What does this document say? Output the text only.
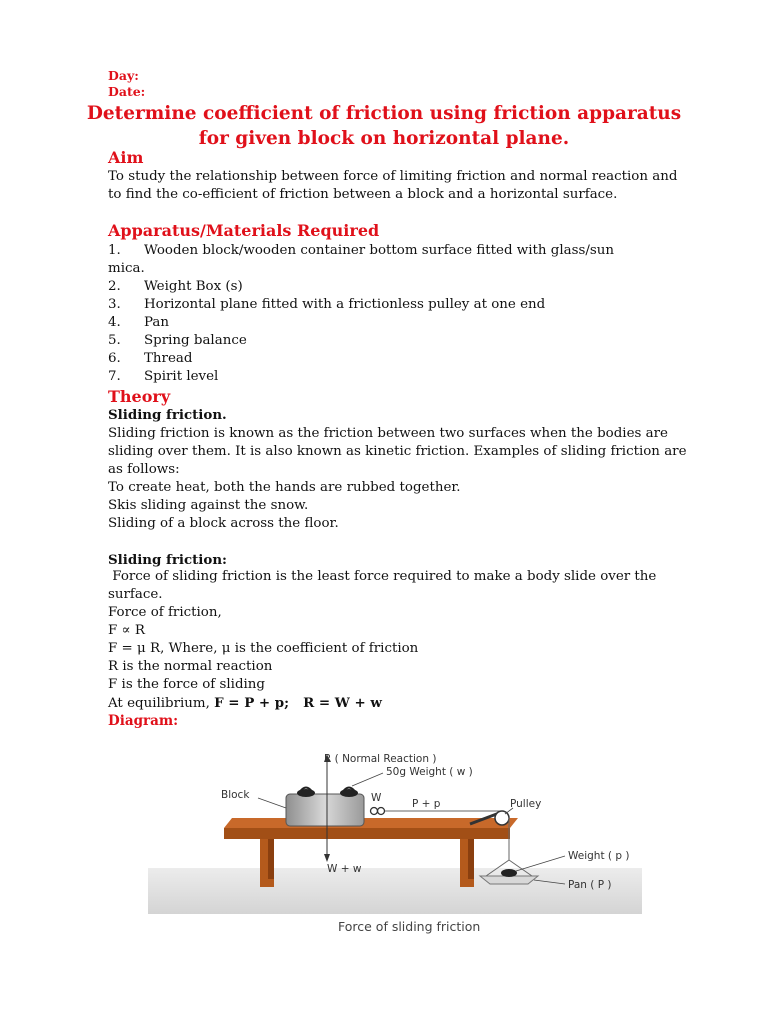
Day:
Date:
Determine coefficient of friction using friction apparatus
for given block on horizontal plane.
Aim
To study the relationship between force of limiting friction and normal reaction and to find the co-efficient of friction between a block and a horizontal surface.
Apparatus/Materials Required
1. Wooden block/wooden container bottom surface fitted with glass/sun
mica.
2. Weight Box (s)
3. Horizontal plane fitted with a frictionless pulley at one end
4. Pan
5. Spring balance
6. Thread
7. Spirit level
Theory
Sliding friction.
Sliding friction is known as the friction between two surfaces when the bodies are sliding over them. It is also known as kinetic friction. Examples of sliding friction are as follows:
To create heat, both the hands are rubbed together.
Skis sliding against the snow.
Sliding of a block across the floor.
Sliding friction:
Force of sliding friction is the least force required to make a body slide over the surface.
Force of friction,
F ∝ R
F = μ R, Where, μ is the coefficient of friction
R is the normal reaction
F is the force of sliding
At equilibrium, F = P + p; R = W + w
Diagram:
R ( Normal Reaction )
50g Weight ( w )
Block	W	P + p	Pulley
Weight ( p )
Pan ( P )
W + w
Force of sliding friction
